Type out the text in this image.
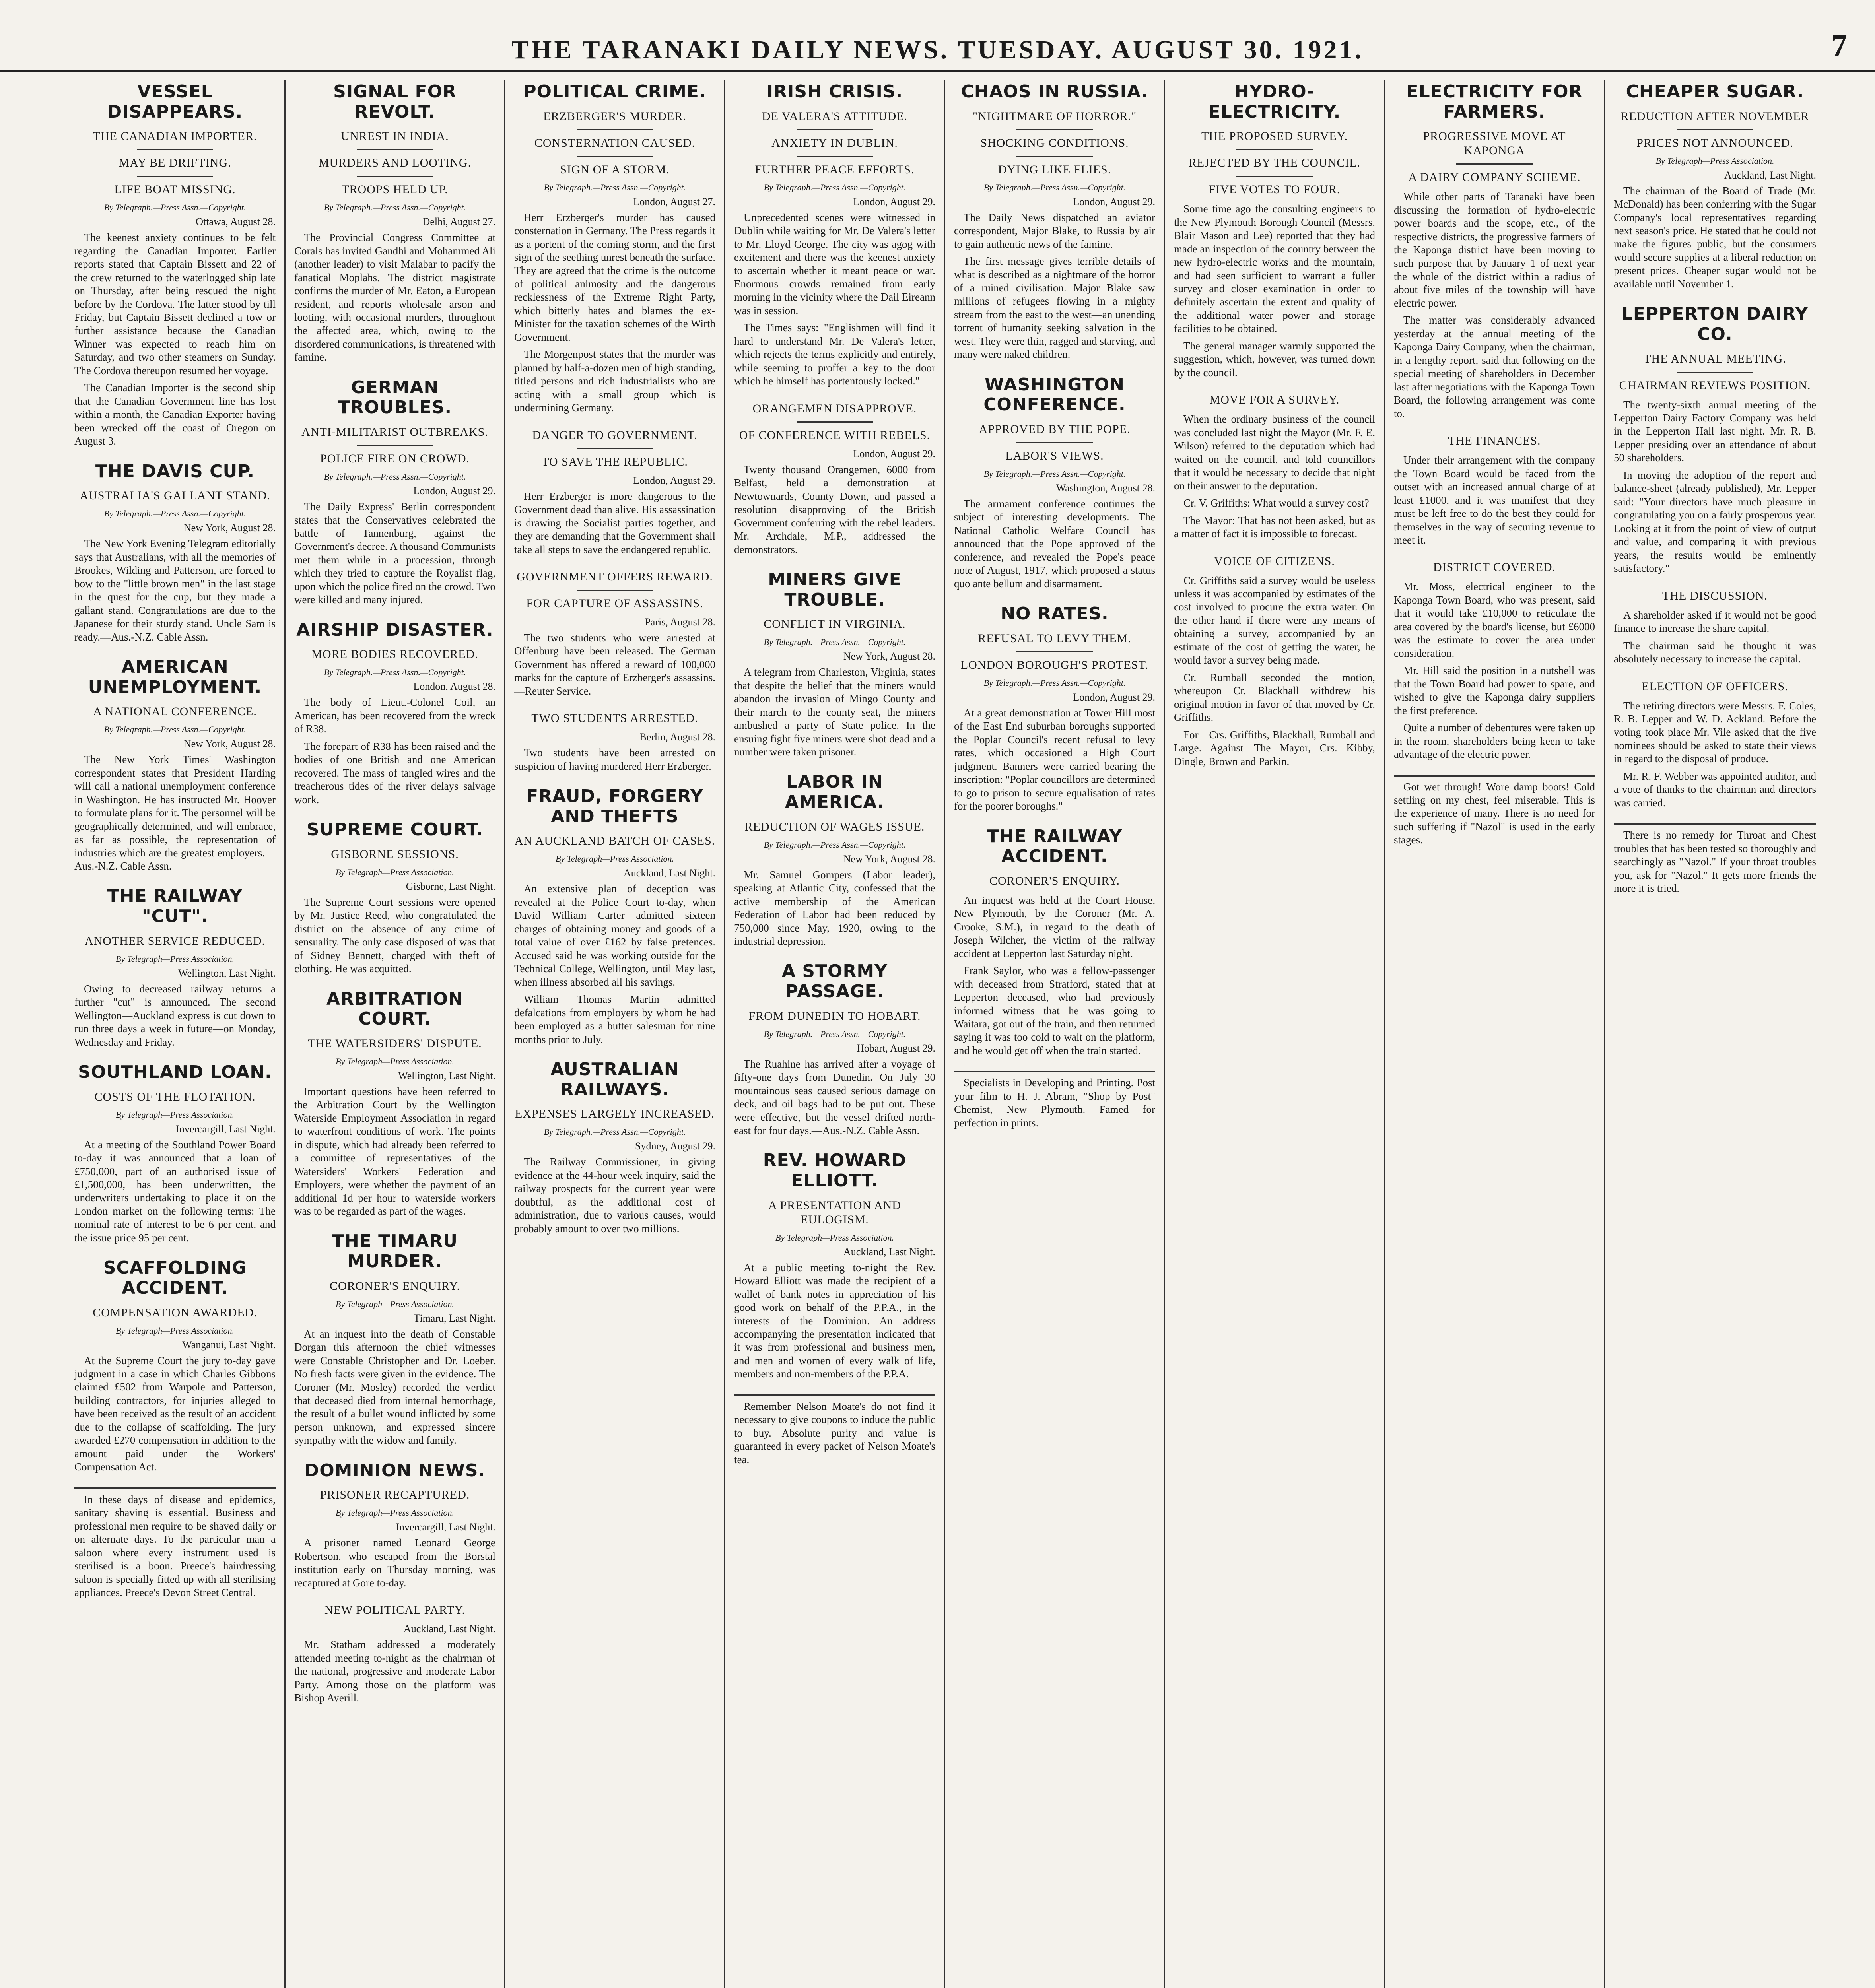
THE TARANAKI DAILY NEWS. TUESDAY. AUGUST 30. 1921.	7
VESSEL DISAPPEARS.
THE CANADIAN IMPORTER.
MAY BE DRIFTING.
LIFE BOAT MISSING.
By Telegraph.—Press Assn.—Copyright.
Ottawa, August 28.

The keenest anxiety continues to be felt regarding the Canadian Importer. Earlier reports stated that Captain Bissett and 22 of the crew returned to the waterlogged ship late on Thursday, after being rescued the night before by the Cordova. The latter stood by till Friday, but Captain Bissett declined a tow or further assistance because the Canadian Winner was expected to reach him on Saturday, and two other steamers on Sunday. The Cordova thereupon resumed her voyage.

The Canadian Importer is the second ship that the Canadian Government line has lost within a month, the Canadian Exporter having been wrecked off the coast of Oregon on August 3.

THE DAVIS CUP.
AUSTRALIA'S GALLANT STAND.
By Telegraph.—Press Assn.—Copyright.
New York, August 28.

The New York Evening Telegram editorially says that Australians, with all the memories of Brookes, Wilding and Patterson, are forced to bow to the "little brown men" in the last stage in the quest for the cup, but they made a gallant stand. Congratulations are due to the Japanese for their sturdy stand. Uncle Sam is ready.—Aus.-N.Z. Cable Assn.

AMERICAN UNEMPLOYMENT.
A NATIONAL CONFERENCE.
By Telegraph.—Press Assn.—Copyright.
New York, August 28.

The New York Times' Washington correspondent states that President Harding will call a national unemployment conference in Washington. He has instructed Mr. Hoover to formulate plans for it. The personnel will be geographically determined, and will embrace, as far as possible, the representation of industries which are the greatest employers.—Aus.-N.Z. Cable Assn.

THE RAILWAY "CUT".
ANOTHER SERVICE REDUCED.
By Telegraph—Press Association.
Wellington, Last Night.

Owing to decreased railway returns a further "cut" is announced. The second Wellington—Auckland express is cut down to run three days a week in future—on Monday, Wednesday and Friday.

SOUTHLAND LOAN.
COSTS OF THE FLOTATION.
By Telegraph—Press Association.
Invercargill, Last Night.

At a meeting of the Southland Power Board to-day it was announced that a loan of £750,000, part of an authorised issue of £1,500,000, has been underwritten, the underwriters undertaking to place it on the London market on the following terms: The nominal rate of interest to be 6 per cent, and the issue price 95 per cent.

SCAFFOLDING ACCIDENT.
COMPENSATION AWARDED.
By Telegraph—Press Association.
Wanganui, Last Night.

At the Supreme Court the jury to-day gave judgment in a case in which Charles Gibbons claimed £502 from Warpole and Patterson, building contractors, for injuries alleged to have been received as the result of an accident due to the collapse of scaffolding. The jury awarded £270 compensation in addition to the amount paid under the Workers' Compensation Act.

In these days of disease and epidemics, sanitary shaving is essential. Business and professional men require to be shaved daily or on alternate days. To the particular man a saloon where every instrument used is sterilised is a boon. Preece's hairdressing saloon is specially fitted up with all sterilising appliances. Preece's Devon Street Central.

SIGNAL FOR REVOLT.
UNREST IN INDIA.
MURDERS AND LOOTING.
TROOPS HELD UP.
By Telegraph.—Press Assn.—Copyright.
Delhi, August 27.

The Provincial Congress Committee at Corals has invited Gandhi and Mohammed Ali (another leader) to visit Malabar to pacify the fanatical Moplahs. The district magistrate confirms the murder of Mr. Eaton, a European resident, and reports wholesale arson and looting, with occasional murders, throughout the affected area, which, owing to the disordered communications, is threatened with famine.

GERMAN TROUBLES.
ANTI-MILITARIST OUTBREAKS.
POLICE FIRE ON CROWD.
By Telegraph.—Press Assn.—Copyright.
London, August 29.

The Daily Express' Berlin correspondent states that the Conservatives celebrated the battle of Tannenburg, against the Government's decree. A thousand Communists met them while in a procession, through which they tried to capture the Royalist flag, upon which the police fired on the crowd. Two were killed and many injured.

AIRSHIP DISASTER.
MORE BODIES RECOVERED.
By Telegraph.—Press Assn.—Copyright.
London, August 28.

The body of Lieut.-Colonel Coil, an American, has been recovered from the wreck of R38.

The forepart of R38 has been raised and the bodies of one British and one American recovered. The mass of tangled wires and the treacherous tides of the river delays salvage work.

SUPREME COURT.
GISBORNE SESSIONS.
By Telegraph—Press Association.
Gisborne, Last Night.

The Supreme Court sessions were opened by Mr. Justice Reed, who congratulated the district on the absence of any crime of sensuality. The only case disposed of was that of Sidney Bennett, charged with theft of clothing. He was acquitted.

ARBITRATION COURT.
THE WATERSIDERS' DISPUTE.
By Telegraph—Press Association.
Wellington, Last Night.

Important questions have been referred to the Arbitration Court by the Wellington Waterside Employment Association in regard to waterfront conditions of work. The points in dispute, which had already been referred to a committee of representatives of the Watersiders' Workers' Federation and Employers, were whether the payment of an additional 1d per hour to waterside workers was to be regarded as part of the wages.

THE TIMARU MURDER.
CORONER'S ENQUIRY.
By Telegraph—Press Association.
Timaru, Last Night.

At an inquest into the death of Constable Dorgan this afternoon the chief witnesses were Constable Christopher and Dr. Loeber. No fresh facts were given in the evidence. The Coroner (Mr. Mosley) recorded the verdict that deceased died from internal hemorrhage, the result of a bullet wound inflicted by some person unknown, and expressed sincere sympathy with the widow and family.

DOMINION NEWS.
PRISONER RECAPTURED.
By Telegraph—Press Association.
Invercargill, Last Night.

A prisoner named Leonard George Robertson, who escaped from the Borstal institution early on Thursday morning, was recaptured at Gore to-day.

NEW POLITICAL PARTY.
Auckland, Last Night.

Mr. Statham addressed a moderately attended meeting to-night as the chairman of the national, progressive and moderate Labor Party. Among those on the platform was Bishop Averill.

POLITICAL CRIME.
ERZBERGER'S MURDER.
CONSTERNATION CAUSED.
SIGN OF A STORM.
By Telegraph.—Press Assn.—Copyright.
London, August 27.

Herr Erzberger's murder has caused consternation in Germany. The Press regards it as a portent of the coming storm, and the first sign of the seething unrest beneath the surface. They are agreed that the crime is the outcome of political animosity and the dangerous recklessness of the Extreme Right Party, which bitterly hates and blames the ex-Minister for the taxation schemes of the Wirth Government.

The Morgenpost states that the murder was planned by half-a-dozen men of high standing, titled persons and rich industrialists who are acting with a small group which is undermining Germany.

DANGER TO GOVERNMENT.
TO SAVE THE REPUBLIC.
London, August 29.

Herr Erzberger is more dangerous to the Government dead than alive. His assassination is drawing the Socialist parties together, and they are demanding that the Government shall take all steps to save the endangered republic.

GOVERNMENT OFFERS REWARD.
FOR CAPTURE OF ASSASSINS.
Paris, August 28.

The two students who were arrested at Offenburg have been released. The German Government has offered a reward of 100,000 marks for the capture of Erzberger's assassins.—Reuter Service.

TWO STUDENTS ARRESTED.
Berlin, August 28.

Two students have been arrested on suspicion of having murdered Herr Erzberger.

FRAUD, FORGERY AND THEFTS
AN AUCKLAND BATCH OF CASES.
By Telegraph—Press Association.
Auckland, Last Night.

An extensive plan of deception was revealed at the Police Court to-day, when David William Carter admitted sixteen charges of obtaining money and goods of a total value of over £162 by false pretences. Accused said he was working outside for the Technical College, Wellington, until May last, when illness absorbed all his savings.

William Thomas Martin admitted defalcations from employers by whom he had been employed as a butter salesman for nine months prior to July.

AUSTRALIAN RAILWAYS.
EXPENSES LARGELY INCREASED.
By Telegraph.—Press Assn.—Copyright.
Sydney, August 29.

The Railway Commissioner, in giving evidence at the 44-hour week inquiry, said the railway prospects for the current year were doubtful, as the additional cost of administration, due to various causes, would probably amount to over two millions.

IRISH CRISIS.
DE VALERA'S ATTITUDE.
ANXIETY IN DUBLIN.
FURTHER PEACE EFFORTS.
By Telegraph.—Press Assn.—Copyright.
London, August 29.

Unprecedented scenes were witnessed in Dublin while waiting for Mr. De Valera's letter to Mr. Lloyd George. The city was agog with excitement and there was the keenest anxiety to ascertain whether it meant peace or war. Enormous crowds remained from early morning in the vicinity where the Dail Eireann was in session.

The Times says: "Englishmen will find it hard to understand Mr. De Valera's letter, which rejects the terms explicitly and entirely, while seeming to proffer a key to the door which he himself has portentously locked."

ORANGEMEN DISAPPROVE.
OF CONFERENCE WITH REBELS.
London, August 29.

Twenty thousand Orangemen, 6000 from Belfast, held a demonstration at Newtownards, County Down, and passed a resolution disapproving of the British Government conferring with the rebel leaders. Mr. Archdale, M.P., addressed the demonstrators.

MINERS GIVE TROUBLE.
CONFLICT IN VIRGINIA.
By Telegraph.—Press Assn.—Copyright.
New York, August 28.

A telegram from Charleston, Virginia, states that despite the belief that the miners would abandon the invasion of Mingo County and their march to the county seat, the miners ambushed a party of State police. In the ensuing fight five miners were shot dead and a number were taken prisoner.

LABOR IN AMERICA.
REDUCTION OF WAGES ISSUE.
By Telegraph.—Press Assn.—Copyright.
New York, August 28.

Mr. Samuel Gompers (Labor leader), speaking at Atlantic City, confessed that the active membership of the American Federation of Labor had been reduced by 750,000 since May, 1920, owing to the industrial depression.

A STORMY PASSAGE.
FROM DUNEDIN TO HOBART.
By Telegraph.—Press Assn.—Copyright.
Hobart, August 29.

The Ruahine has arrived after a voyage of fifty-one days from Dunedin. On July 30 mountainous seas caused serious damage on deck, and oil bags had to be put out. These were effective, but the vessel drifted north-east for four days.—Aus.-N.Z. Cable Assn.

REV. HOWARD ELLIOTT.
A PRESENTATION AND EULOGISM.
By Telegraph—Press Association.
Auckland, Last Night.

At a public meeting to-night the Rev. Howard Elliott was made the recipient of a wallet of bank notes in appreciation of his good work on behalf of the P.P.A., in the interests of the Dominion. An address accompanying the presentation indicated that it was from professional and business men, and men and women of every walk of life, members and non-members of the P.P.A.

Remember Nelson Moate's do not find it necessary to give coupons to induce the public to buy. Absolute purity and value is guaranteed in every packet of Nelson Moate's tea.

CHAOS IN RUSSIA.
"NIGHTMARE OF HORROR."
SHOCKING CONDITIONS.
DYING LIKE FLIES.
By Telegraph.—Press Assn.—Copyright.
London, August 29.

The Daily News dispatched an aviator correspondent, Major Blake, to Russia by air to gain authentic news of the famine.

The first message gives terrible details of what is described as a nightmare of the horror of a ruined civilisation. Major Blake saw millions of refugees flowing in a mighty stream from the east to the west—an unending torrent of humanity seeking salvation in the west. They were thin, ragged and starving, and many were naked children.

WASHINGTON CONFERENCE.
APPROVED BY THE POPE.
LABOR'S VIEWS.
By Telegraph.—Press Assn.—Copyright.
Washington, August 28.

The armament conference continues the subject of interesting developments. The National Catholic Welfare Council has announced that the Pope approved of the conference, and revealed the Pope's peace note of August, 1917, which proposed a status quo ante bellum and disarmament.

NO RATES.
REFUSAL TO LEVY THEM.
LONDON BOROUGH'S PROTEST.
By Telegraph.—Press Assn.—Copyright.
London, August 29.

At a great demonstration at Tower Hill most of the East End suburban boroughs supported the Poplar Council's recent refusal to levy rates, which occasioned a High Court judgment. Banners were carried bearing the inscription: "Poplar councillors are determined to go to prison to secure equalisation of rates for the poorer boroughs."

THE RAILWAY ACCIDENT.
CORONER'S ENQUIRY.

An inquest was held at the Court House, New Plymouth, by the Coroner (Mr. A. Crooke, S.M.), in regard to the death of Joseph Wilcher, the victim of the railway accident at Lepperton last Saturday night.

Frank Saylor, who was a fellow-passenger with deceased from Stratford, stated that at Lepperton deceased, who had previously informed witness that he was going to Waitara, got out of the train, and then returned saying it was too cold to wait on the platform, and he would get off when the train started.

Specialists in Developing and Printing. Post your film to H. J. Abram, "Shop by Post" Chemist, New Plymouth. Famed for perfection in prints.

HYDRO-ELECTRICITY.
THE PROPOSED SURVEY.
REJECTED BY THE COUNCIL.
FIVE VOTES TO FOUR.

Some time ago the consulting engineers to the New Plymouth Borough Council (Messrs. Blair Mason and Lee) reported that they had made an inspection of the country between the new hydro-electric works and the mountain, and had seen sufficient to warrant a fuller survey and closer examination in order to definitely ascertain the extent and quality of the additional water power and storage facilities to be obtained.

The general manager warmly supported the suggestion, which, however, was turned down by the council.

MOVE FOR A SURVEY.

When the ordinary business of the council was concluded last night the Mayor (Mr. F. E. Wilson) referred to the deputation which had waited on the council, and told councillors that it would be necessary to decide that night on their answer to the deputation.

Cr. V. Griffiths: What would a survey cost?

The Mayor: That has not been asked, but as a matter of fact it is impossible to forecast.

VOICE OF CITIZENS.

Cr. Griffiths said a survey would be useless unless it was accompanied by estimates of the cost involved to procure the extra water. On the other hand if there were any means of obtaining a survey, accompanied by an estimate of the cost of getting the water, he would favor a survey being made.

Cr. Rumball seconded the motion, whereupon Cr. Blackhall withdrew his original motion in favor of that moved by Cr. Griffiths.

For—Crs. Griffiths, Blackhall, Rumball and Large. Against—The Mayor, Crs. Kibby, Dingle, Brown and Parkin.

ELECTRICITY FOR FARMERS.
PROGRESSIVE MOVE AT KAPONGA
A DAIRY COMPANY SCHEME.

While other parts of Taranaki have been discussing the formation of hydro-electric power boards and the scope, etc., of the respective districts, the progressive farmers of the Kaponga district have been moving to such purpose that by January 1 of next year the whole of the district within a radius of about five miles of the township will have electric power.

The matter was considerably advanced yesterday at the annual meeting of the Kaponga Dairy Company, when the chairman, in a lengthy report, said that following on the special meeting of shareholders in December last after negotiations with the Kaponga Town Board, the following arrangement was come to.

THE FINANCES.

Under their arrangement with the company the Town Board would be faced from the outset with an increased annual charge of at least £1000, and it was manifest that they must be left free to do the best they could for themselves in the way of securing revenue to meet it.

DISTRICT COVERED.

Mr. Moss, electrical engineer to the Kaponga Town Board, who was present, said that it would take £10,000 to reticulate the area covered by the board's license, but £6000 was the estimate to cover the area under consideration.

Mr. Hill said the position in a nutshell was that the Town Board had power to spare, and wished to give the Kaponga dairy suppliers the first preference.

Quite a number of debentures were taken up in the room, shareholders being keen to take advantage of the electric power.

Got wet through! Wore damp boots! Cold settling on my chest, feel miserable. This is the experience of many. There is no need for such suffering if "Nazol" is used in the early stages.

CHEAPER SUGAR.
REDUCTION AFTER NOVEMBER
PRICES NOT ANNOUNCED.
By Telegraph—Press Association.
Auckland, Last Night.

The chairman of the Board of Trade (Mr. McDonald) has been conferring with the Sugar Company's local representatives regarding next season's price. He stated that he could not make the figures public, but the consumers would secure supplies at a liberal reduction on present prices. Cheaper sugar would not be available until November 1.

LEPPERTON DAIRY CO.
THE ANNUAL MEETING.
CHAIRMAN REVIEWS POSITION.

The twenty-sixth annual meeting of the Lepperton Dairy Factory Company was held in the Lepperton Hall last night. Mr. R. B. Lepper presiding over an attendance of about 50 shareholders.

In moving the adoption of the report and balance-sheet (already published), Mr. Lepper said: "Your directors have much pleasure in congratulating you on a fairly prosperous year. Looking at it from the point of view of output and value, and comparing it with previous years, the results would be eminently satisfactory."

THE DISCUSSION.

A shareholder asked if it would not be good finance to increase the share capital.

The chairman said he thought it was absolutely necessary to increase the capital.

ELECTION OF OFFICERS.

The retiring directors were Messrs. F. Coles, R. B. Lepper and W. D. Ackland. Before the voting took place Mr. Vile asked that the five nominees should be asked to state their views in regard to the disposal of produce.

Mr. R. F. Webber was appointed auditor, and a vote of thanks to the chairman and directors was carried.

There is no remedy for Throat and Chest troubles that has been tested so thoroughly and searchingly as "Nazol." If your throat troubles you, ask for "Nazol." It gets more friends the more it is tried.
